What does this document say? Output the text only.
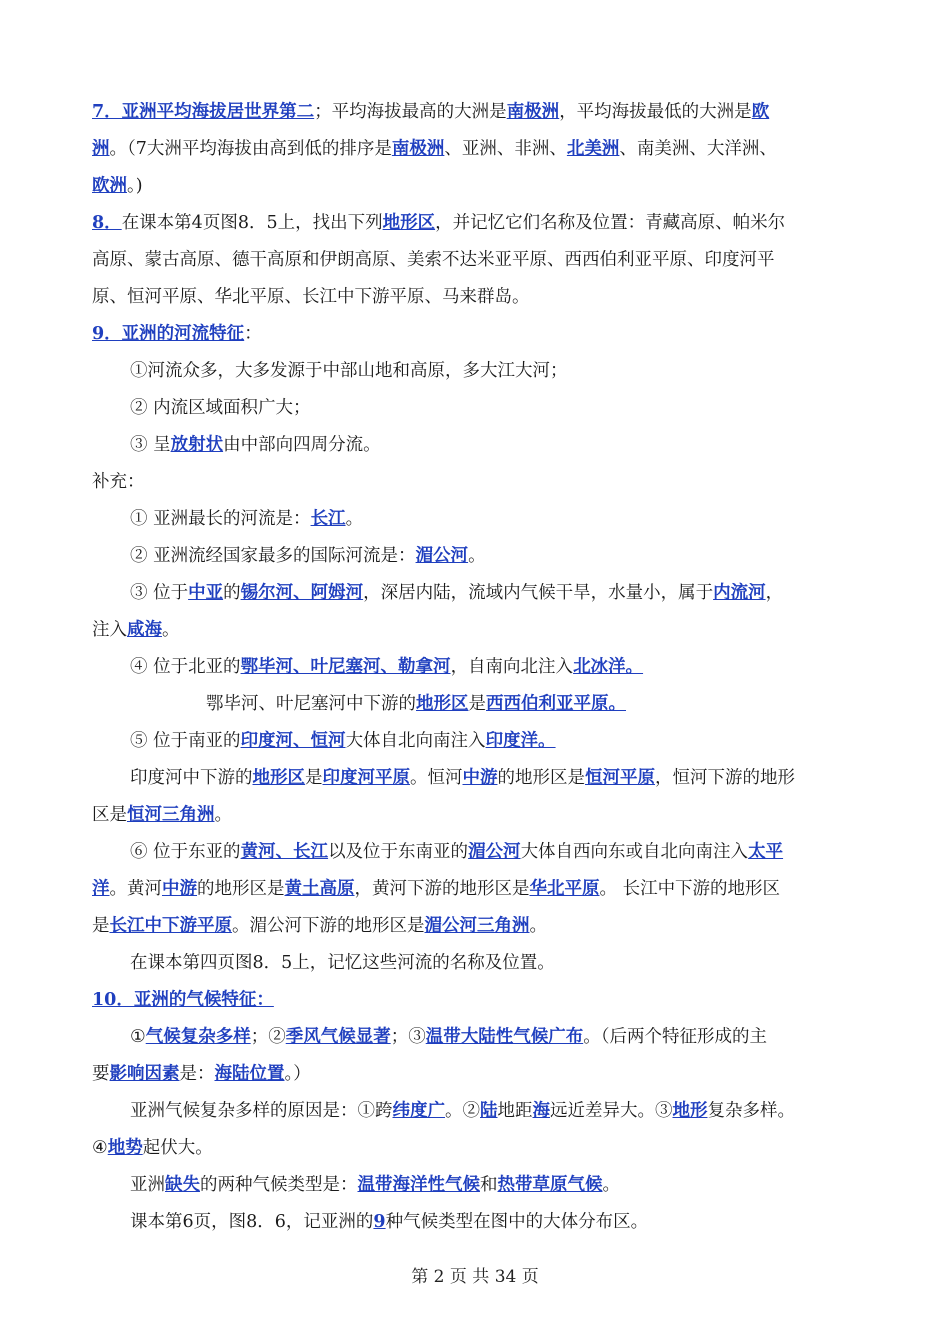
7．亚洲平均海拔居世界第二；平均海拔最高的大洲是南极洲，平均海拔最低的大洲是欧
洲。（7大洲平均海拔由高到低的排序是南极洲、亚洲、非洲、北美洲、南美洲、大洋洲、
欧洲。)
8．在课本第4页图8．5上，找出下列地形区，并记忆它们名称及位置：青藏高原、帕米尔
高原、蒙古高原、德干高原和伊朗高原、美索不达米亚平原、西西伯利亚平原、印度河平
原、恒河平原、华北平原、长江中下游平原、马来群岛。
9．亚洲的河流特征：
①河流众多，大多发源于中部山地和高原，多大江大河；
② 内流区域面积广大；
③ 呈放射状由中部向四周分流。
补充：
① 亚洲最长的河流是：长江。
② 亚洲流经国家最多的国际河流是：湄公河。
③ 位于中亚的锡尔河、阿姆河，深居内陆，流域内气候干旱，水量小，属于内流河，
注入咸海。
④ 位于北亚的鄂毕河、叶尼塞河、勒拿河，自南向北注入北冰洋。
鄂毕河、叶尼塞河中下游的地形区是西西伯利亚平原。
⑤ 位于南亚的印度河、恒河大体自北向南注入印度洋。
印度河中下游的地形区是印度河平原。恒河中游的地形区是恒河平原，恒河下游的地形
区是恒河三角洲。
⑥ 位于东亚的黄河、长江以及位于东南亚的湄公河大体自西向东或自北向南注入太平
洋。黄河中游的地形区是黄土高原，黄河下游的地形区是华北平原。 长江中下游的地形区
是长江中下游平原。湄公河下游的地形区是湄公河三角洲。
在课本第四页图8．5上，记忆这些河流的名称及位置。
10．亚洲的气候特征：
①气候复杂多样；②季风气候显著；③温带大陆性气候广布。（后两个特征形成的主
要影响因素是：海陆位置。）
亚洲气候复杂多样的原因是：①跨纬度广。②陆地距海远近差异大。③地形复杂多样。
④地势起伏大。
亚洲缺失的两种气候类型是：温带海洋性气候和热带草原气候。
课本第6页，图8．6，记亚洲的9种气候类型在图中的大体分布区。
第 2 页 共 34 页
